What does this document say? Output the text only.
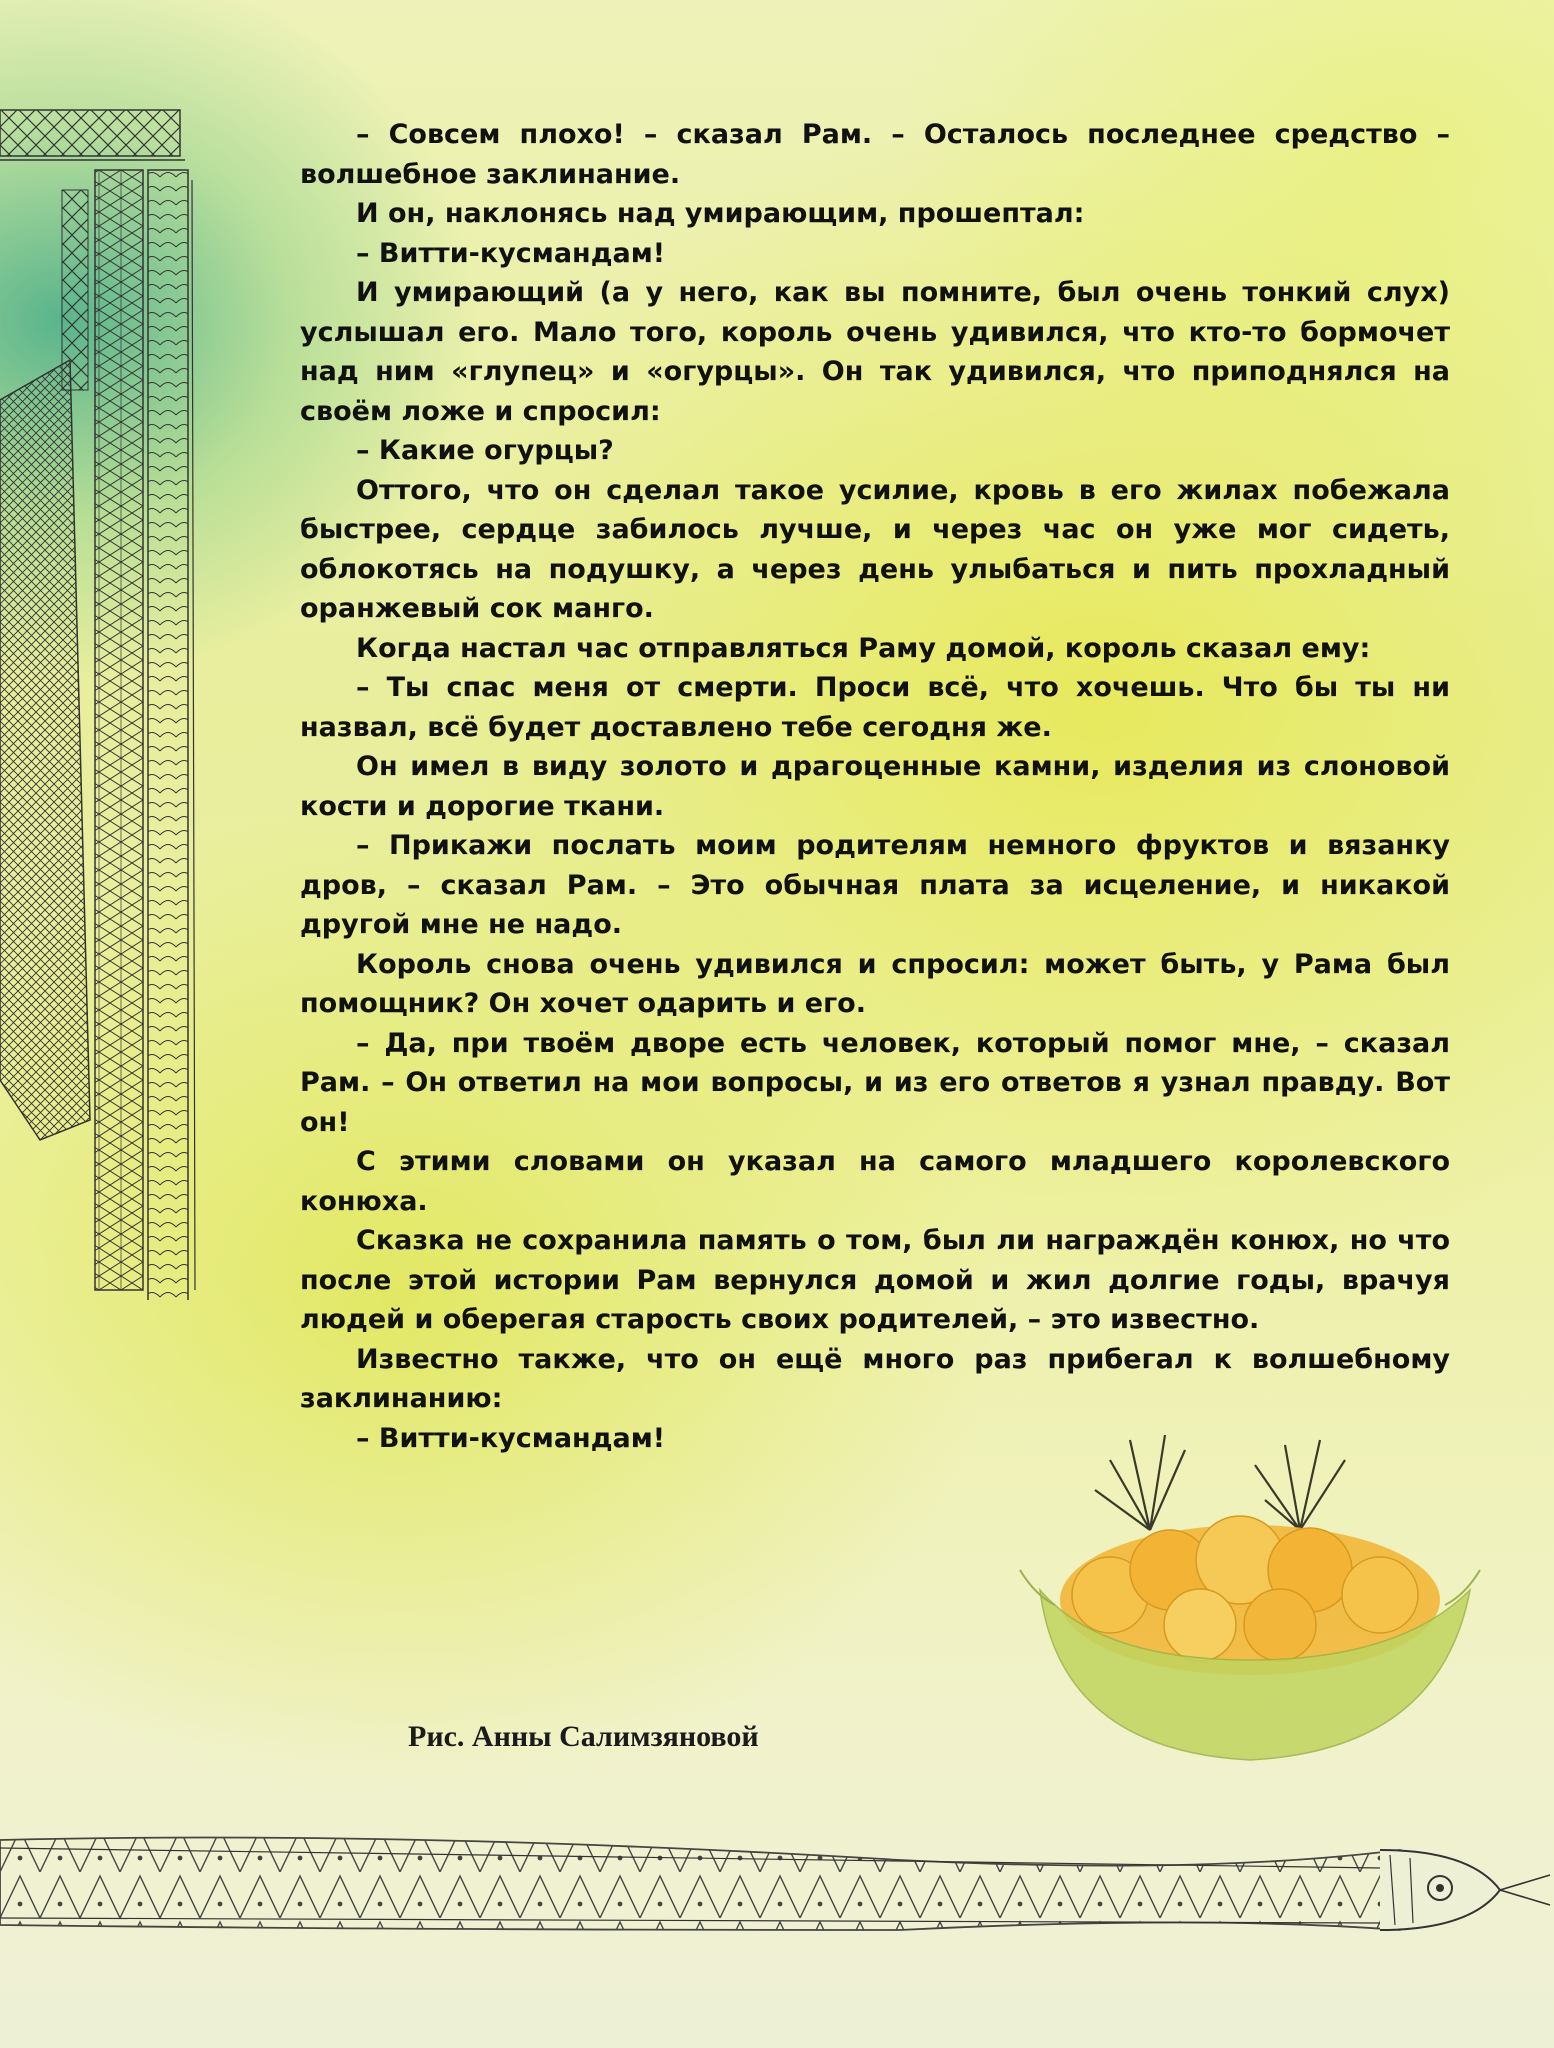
– Совсем плохо! – сказал Рам. – Осталось последнее средство – волшебное заклинание.

И он, наклонясь над умирающим, прошептал:

– Витти-кусмандам!

И умирающий (а у него, как вы помните, был очень тонкий слух) услышал его. Мало того, король очень удивился, что кто-то бормочет над ним «глупец» и «огурцы». Он так удивился, что приподнялся на своём ложе и спросил:

– Какие огурцы?

Оттого, что он сделал такое усилие, кровь в его жилах побежала быстрее, сердце забилось лучше, и через час он уже мог сидеть, облокотясь на подушку, а через день улыбаться и пить прохладный оранжевый сок манго.

Когда настал час отправляться Раму домой, король сказал ему:

– Ты спас меня от смерти. Проси всё, что хочешь. Что бы ты ни назвал, всё будет доставлено тебе сегодня же.

Он имел в виду золото и драгоценные камни, изделия из слоновой кости и дорогие ткани.

– Прикажи послать моим родителям немного фруктов и вязанку дров, – сказал Рам. – Это обычная плата за исцеление, и никакой другой мне не надо.

Король снова очень удивился и спросил: может быть, у Рама был помощник? Он хочет одарить и его.

– Да, при твоём дворе есть человек, который помог мне, – сказал Рам. – Он ответил на мои вопросы, и из его ответов я узнал правду. Вот он!

С этими словами он указал на самого младшего королевского конюха.

Сказка не сохранила память о том, был ли награждён конюх, но что после этой истории Рам вернулся домой и жил долгие годы, врачуя людей и оберегая старость своих родителей, – это известно.

Известно также, что он ещё много раз прибегал к волшебному заклинанию:

– Витти-кусмандам!

Рис. Анны Салимзяновой
